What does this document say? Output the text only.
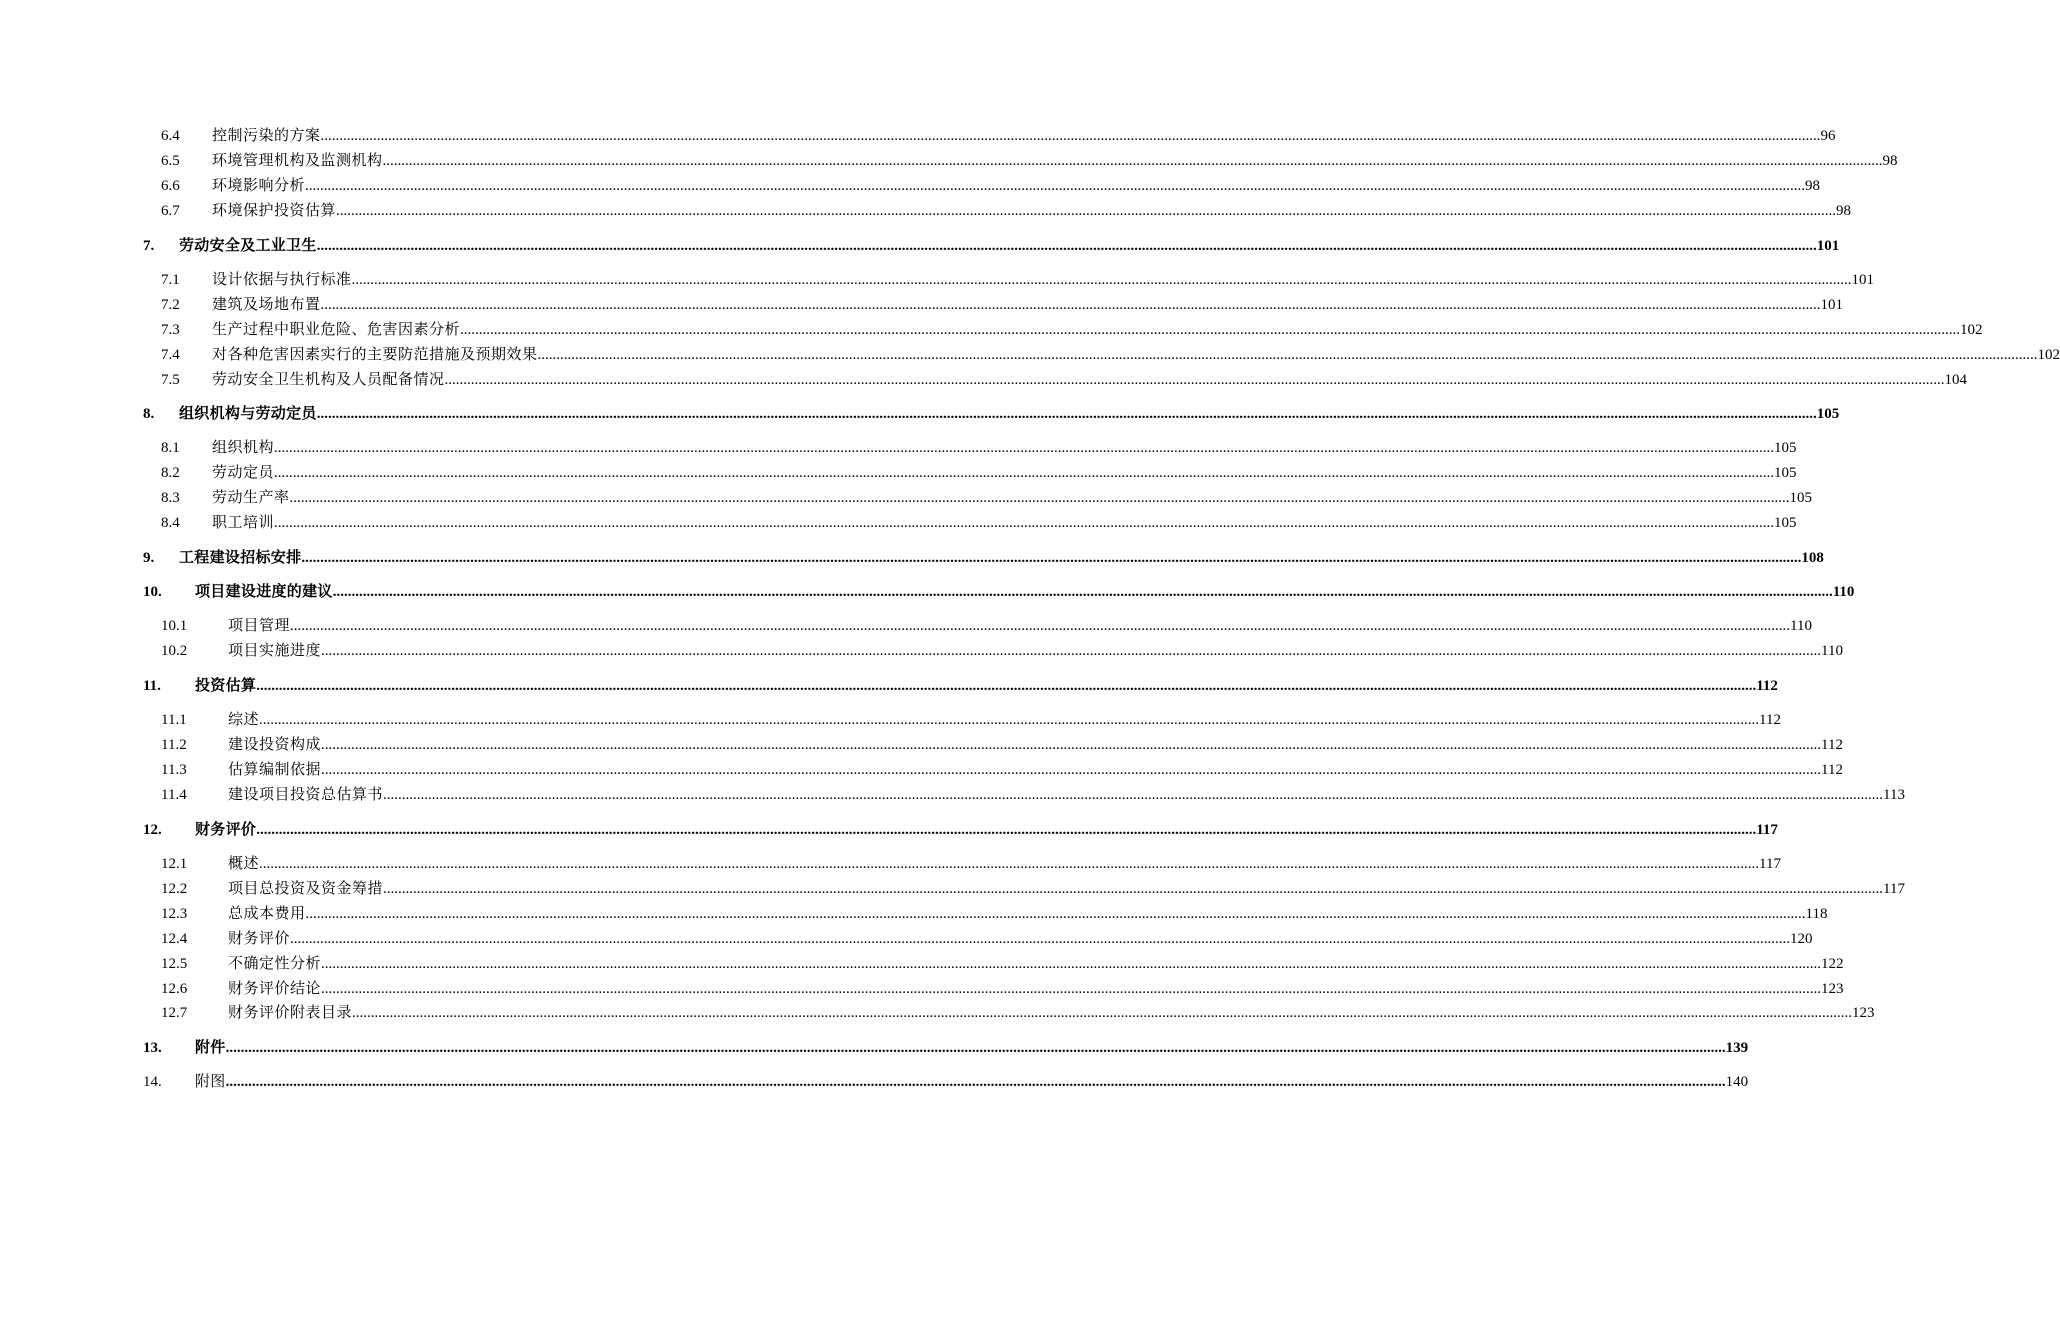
6.4 控制污染的方案 ................................................................................................................................................................................................................................................................................................................................................................................................................ 96
6.5 环境管理机构及监测机构 ................................................................................................................................................................................................................................................................................................................................................................................................................ 98
6.6 环境影响分析 ................................................................................................................................................................................................................................................................................................................................................................................................................ 98
6.7 环境保护投资估算 ................................................................................................................................................................................................................................................................................................................................................................................................................ 98
7. 劳动安全及工业卫生 ................................................................................................................................................................................................................................................................................................................................................................................................................ 101
7.1 设计依据与执行标准 ................................................................................................................................................................................................................................................................................................................................................................................................................ 101
7.2 建筑及场地布置 ................................................................................................................................................................................................................................................................................................................................................................................................................ 101
7.3 生产过程中职业危险、危害因素分析 ................................................................................................................................................................................................................................................................................................................................................................................................................ 102
7.4 对各种危害因素实行的主要防范措施及预期效果 ................................................................................................................................................................................................................................................................................................................................................................................................................ 102
7.5 劳动安全卫生机构及人员配备情况 ................................................................................................................................................................................................................................................................................................................................................................................................................ 104
8. 组织机构与劳动定员 ................................................................................................................................................................................................................................................................................................................................................................................................................ 105
8.1 组织机构 ................................................................................................................................................................................................................................................................................................................................................................................................................ 105
8.2 劳动定员 ................................................................................................................................................................................................................................................................................................................................................................................................................ 105
8.3 劳动生产率 ................................................................................................................................................................................................................................................................................................................................................................................................................ 105
8.4 职工培训 ................................................................................................................................................................................................................................................................................................................................................................................................................ 105
9. 工程建设招标安排 ................................................................................................................................................................................................................................................................................................................................................................................................................ 108
10. 项目建设进度的建议 ................................................................................................................................................................................................................................................................................................................................................................................................................ 110
10.1	项目管理 ................................................................................................................................................................................................................................................................................................................................................................................................................ 110
10.2	项目实施进度 ................................................................................................................................................................................................................................................................................................................................................................................................................ 110
11. 投资估算 ................................................................................................................................................................................................................................................................................................................................................................................................................ 112
11.1	综述 ................................................................................................................................................................................................................................................................................................................................................................................................................ 112
11.2	建设投资构成 ................................................................................................................................................................................................................................................................................................................................................................................................................ 112
11.3	估算编制依据 ................................................................................................................................................................................................................................................................................................................................................................................................................ 112
11.4	建设项目投资总估算书 ................................................................................................................................................................................................................................................................................................................................................................................................................ 113
12. 财务评价 ................................................................................................................................................................................................................................................................................................................................................................................................................ 117
12.1	概述 ................................................................................................................................................................................................................................................................................................................................................................................................................ 117
12.2	项目总投资及资金筹措 ................................................................................................................................................................................................................................................................................................................................................................................................................ 117
12.3	总成本费用 ................................................................................................................................................................................................................................................................................................................................................................................................................ 118
12.4	财务评价 ................................................................................................................................................................................................................................................................................................................................................................................................................ 120
12.5	不确定性分析 ................................................................................................................................................................................................................................................................................................................................................................................................................ 122
12.6	财务评价结论 ................................................................................................................................................................................................................................................................................................................................................................................................................ 123
12.7	财务评价附表目录 ................................................................................................................................................................................................................................................................................................................................................................................................................ 123
13. 附件 ................................................................................................................................................................................................................................................................................................................................................................................................................ 139
14. 附图 ................................................................................................................................................................................................................................................................................................................................................................................................................ 140
